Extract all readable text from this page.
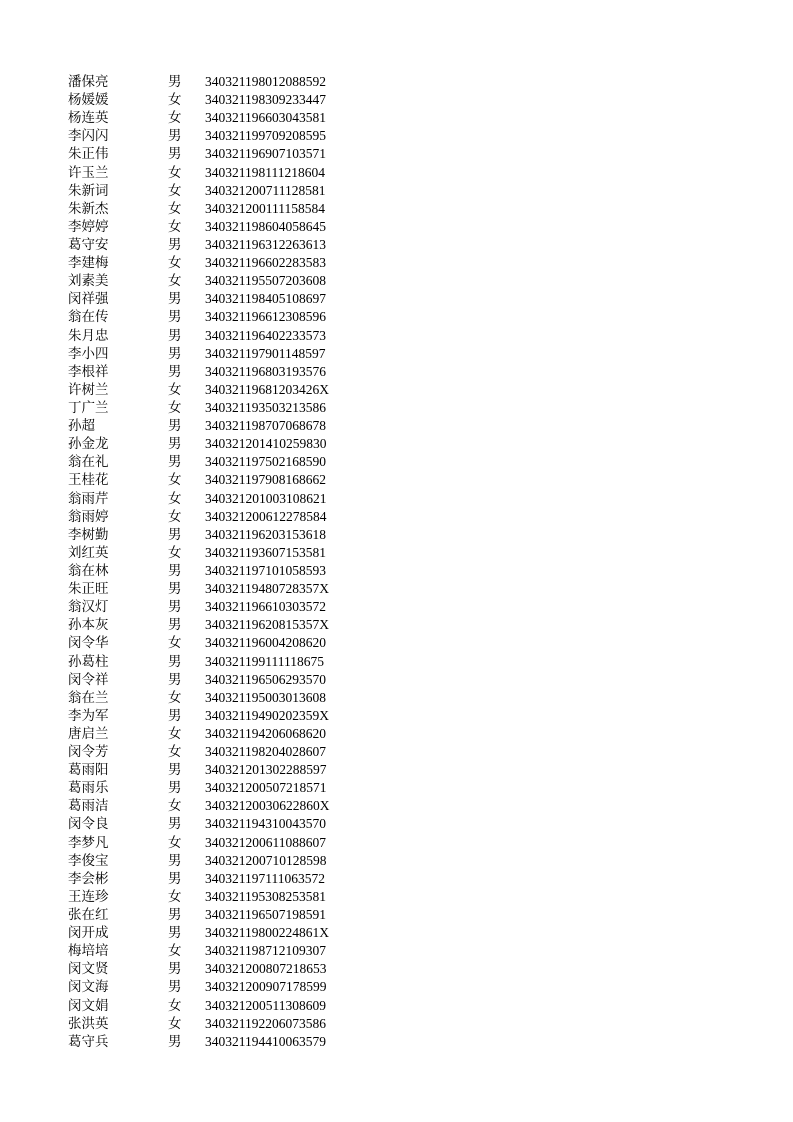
潘保亮	男	340321198012088592
杨媛媛	女	340321198309233447
杨连英	女	340321196603043581
李闪闪	男	340321199709208595
朱正伟	男	340321196907103571
许玉兰	女	340321198111218604
朱新词	女	340321200711128581
朱新杰	女	340321200111158584
李婷婷	女	340321198604058645
葛守安	男	340321196312263613
李建梅	女	340321196602283583
刘素美	女	340321195507203608
闵祥强	男	340321198405108697
翁在传	男	340321196612308596
朱月忠	男	340321196402233573
李小四	男	340321197901148597
李根祥	男	340321196803193576
许树兰	女	34032119681203426X
丁广兰	女	340321193503213586
孙超	男	340321198707068678
孙金龙	男	340321201410259830
翁在礼	男	340321197502168590
王桂花	女	340321197908168662
翁雨芹	女	340321201003108621
翁雨婷	女	340321200612278584
李树勤	男	340321196203153618
刘红英	女	340321193607153581
翁在林	男	340321197101058593
朱正旺	男	34032119480728357X
翁汉灯	男	340321196610303572
孙本灰	男	34032119620815357X
闵令华	女	340321196004208620
孙葛柱	男	340321199111118675
闵令祥	男	340321196506293570
翁在兰	女	340321195003013608
李为军	男	34032119490202359X
唐启兰	女	340321194206068620
闵令芳	女	340321198204028607
葛雨阳	男	340321201302288597
葛雨乐	男	340321200507218571
葛雨洁	女	34032120030622860X
闵令良	男	340321194310043570
李梦凡	女	340321200611088607
李俊宝	男	340321200710128598
李会彬	男	340321197111063572
王连珍	女	340321195308253581
张在红	男	340321196507198591
闵开成	男	34032119800224861X
梅培培	女	340321198712109307
闵文贤	男	340321200807218653
闵文海	男	340321200907178599
闵文娟	女	340321200511308609
张洪英	女	340321192206073586
葛守兵	男	340321194410063579
